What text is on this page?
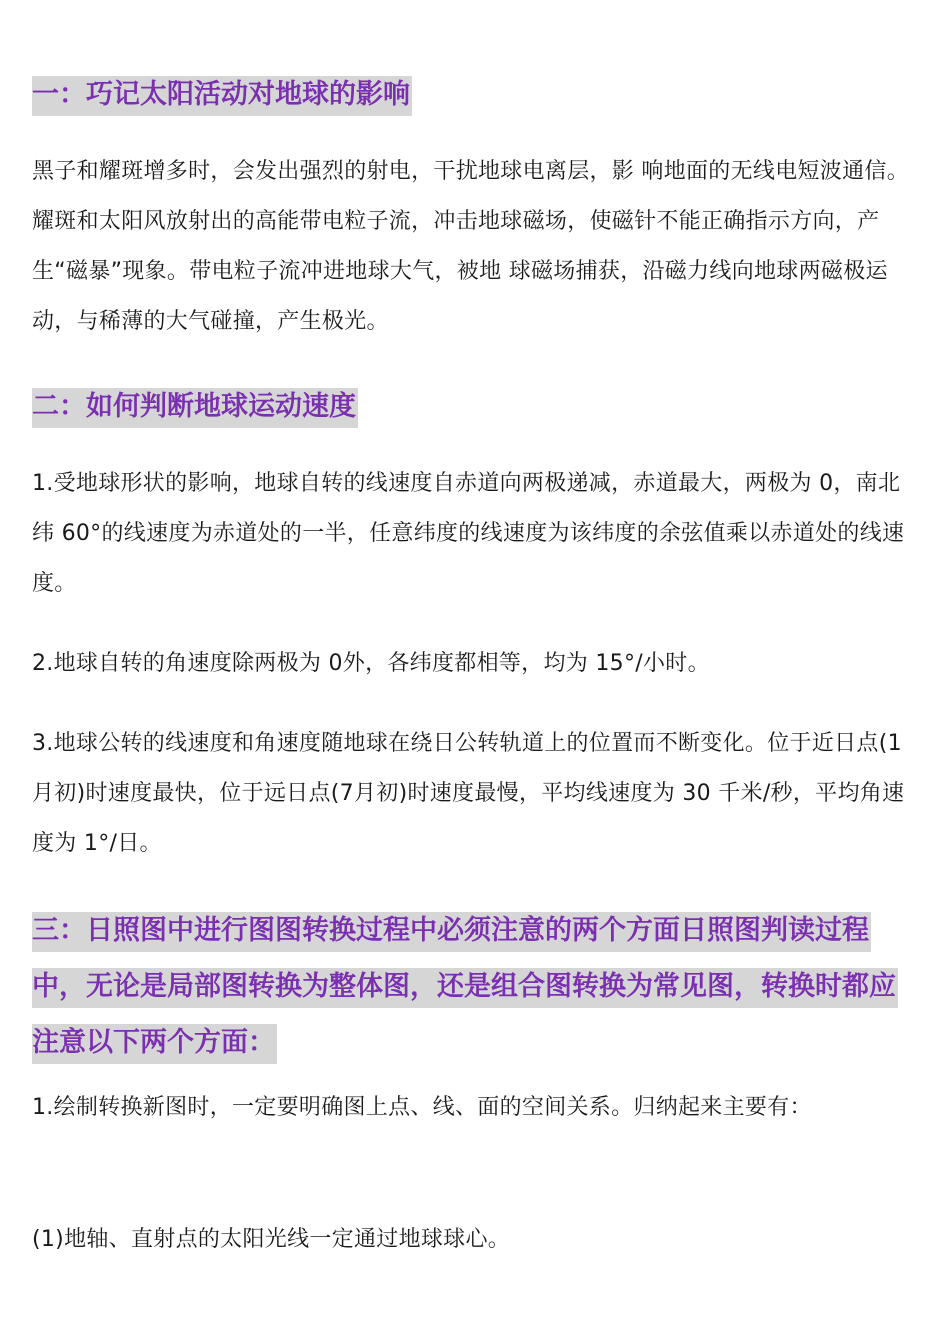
一：巧记太阳活动对地球的影响

黑子和耀斑增多时，会发出强烈的射电，干扰地球电离层，影 响地面的无线电短波通信。耀斑和太阳风放射出的高能带电粒子流，冲击地球磁场，使磁针不能正确指示方向，产生“磁暴”现象。带电粒子流冲进地球大气，被地 球磁场捕获，沿磁力线向地球两磁极运动，与稀薄的大气碰撞，产生极光。

二：如何判断地球运动速度

1.受地球形状的影响，地球自转的线速度自赤道向两极递减，赤道最大，两极为 0，南北纬 60°的线速度为赤道处的一半，任意纬度的线速度为该纬度的余弦值乘以赤道处的线速度。

2.地球自转的角速度除两极为 0外，各纬度都相等，均为 15°/小时。

3.地球公转的线速度和角速度随地球在绕日公转轨道上的位置而不断变化。位于近日点(1月初)时速度最快，位于远日点(7月初)时速度最慢，平均线速度为 30 千米/秒，平均角速度为 1°/日。

三：日照图中进行图图转换过程中必须注意的两个方面日照图判读过程中，无论是局部图转换为整体图，还是组合图转换为常见图，转换时都应注意以下两个方面：

1.绘制转换新图时，一定要明确图上点、线、面的空间关系。归纳起来主要有：

(1)地轴、直射点的太阳光线一定通过地球球心。
